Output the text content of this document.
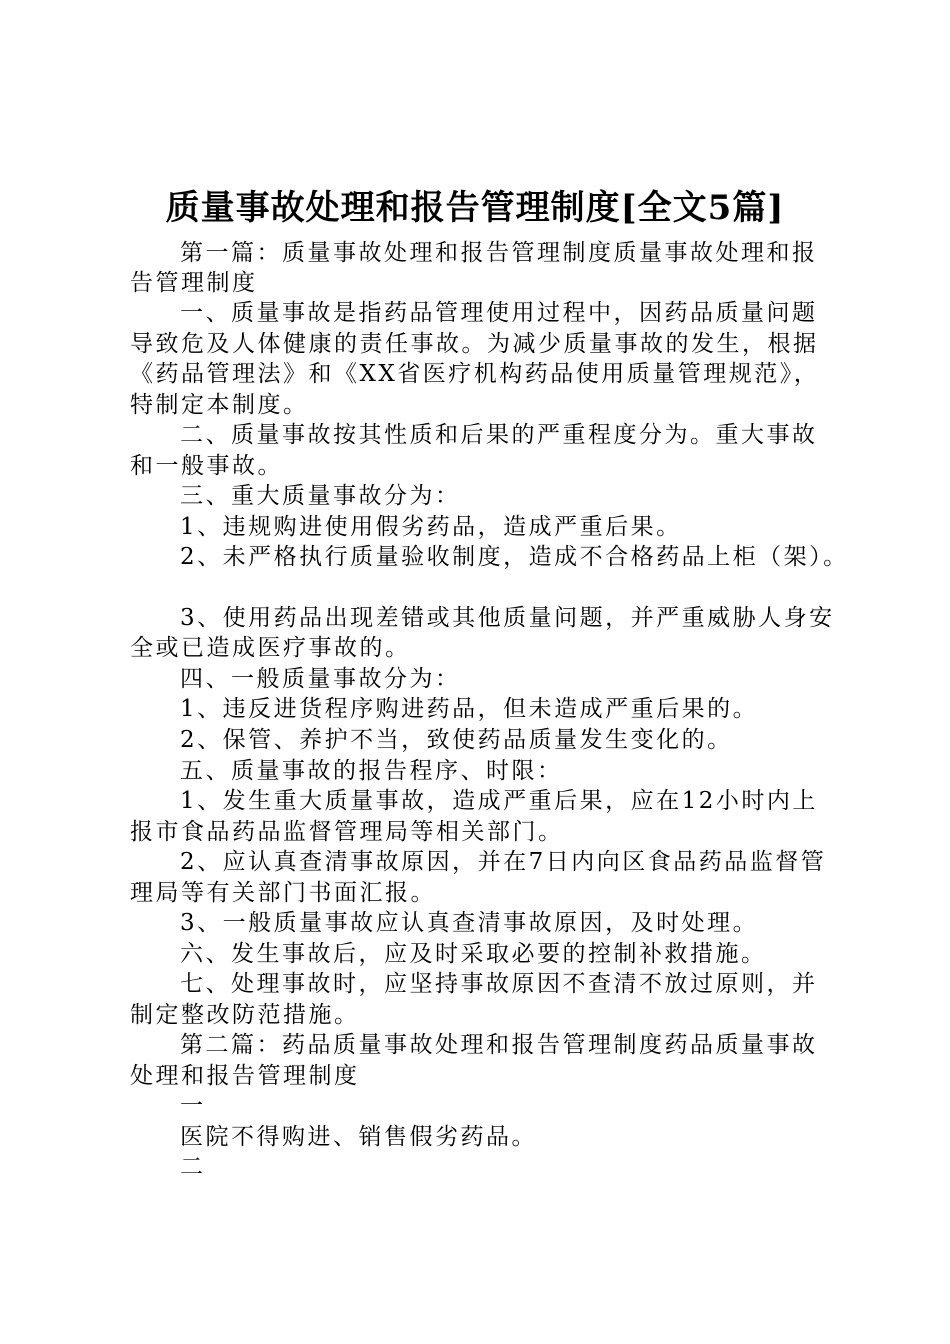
质量事故处理和报告管理制度[全文5篇]
第一篇：质量事故处理和报告管理制度质量事故处理和报
告管理制度
一、质量事故是指药品管理使用过程中，因药品质量问题
导致危及人体健康的责任事故。为减少质量事故的发生，根据
《药品管理法》和《XX省医疗机构药品使用质量管理规范》，
特制定本制度。
二、质量事故按其性质和后果的严重程度分为。重大事故
和一般事故。
三、重大质量事故分为：
1、违规购进使用假劣药品，造成严重后果。
2、未严格执行质量验收制度，造成不合格药品上柜（架）。
3、使用药品出现差错或其他质量问题，并严重威胁人身安
全或已造成医疗事故的。
四、一般质量事故分为：
1、违反进货程序购进药品，但未造成严重后果的。
2、保管、养护不当，致使药品质量发生变化的。
五、质量事故的报告程序、时限：
1、发生重大质量事故，造成严重后果，应在12小时内上
报市食品药品监督管理局等相关部门。
2、应认真查清事故原因，并在7日内向区食品药品监督管
理局等有关部门书面汇报。
3、一般质量事故应认真查清事故原因，及时处理。
六、发生事故后，应及时采取必要的控制补救措施。
七、处理事故时，应坚持事故原因不查清不放过原则，并
制定整改防范措施。
第二篇：药品质量事故处理和报告管理制度药品质量事故
处理和报告管理制度
一
医院不得购进、销售假劣药品。
二
